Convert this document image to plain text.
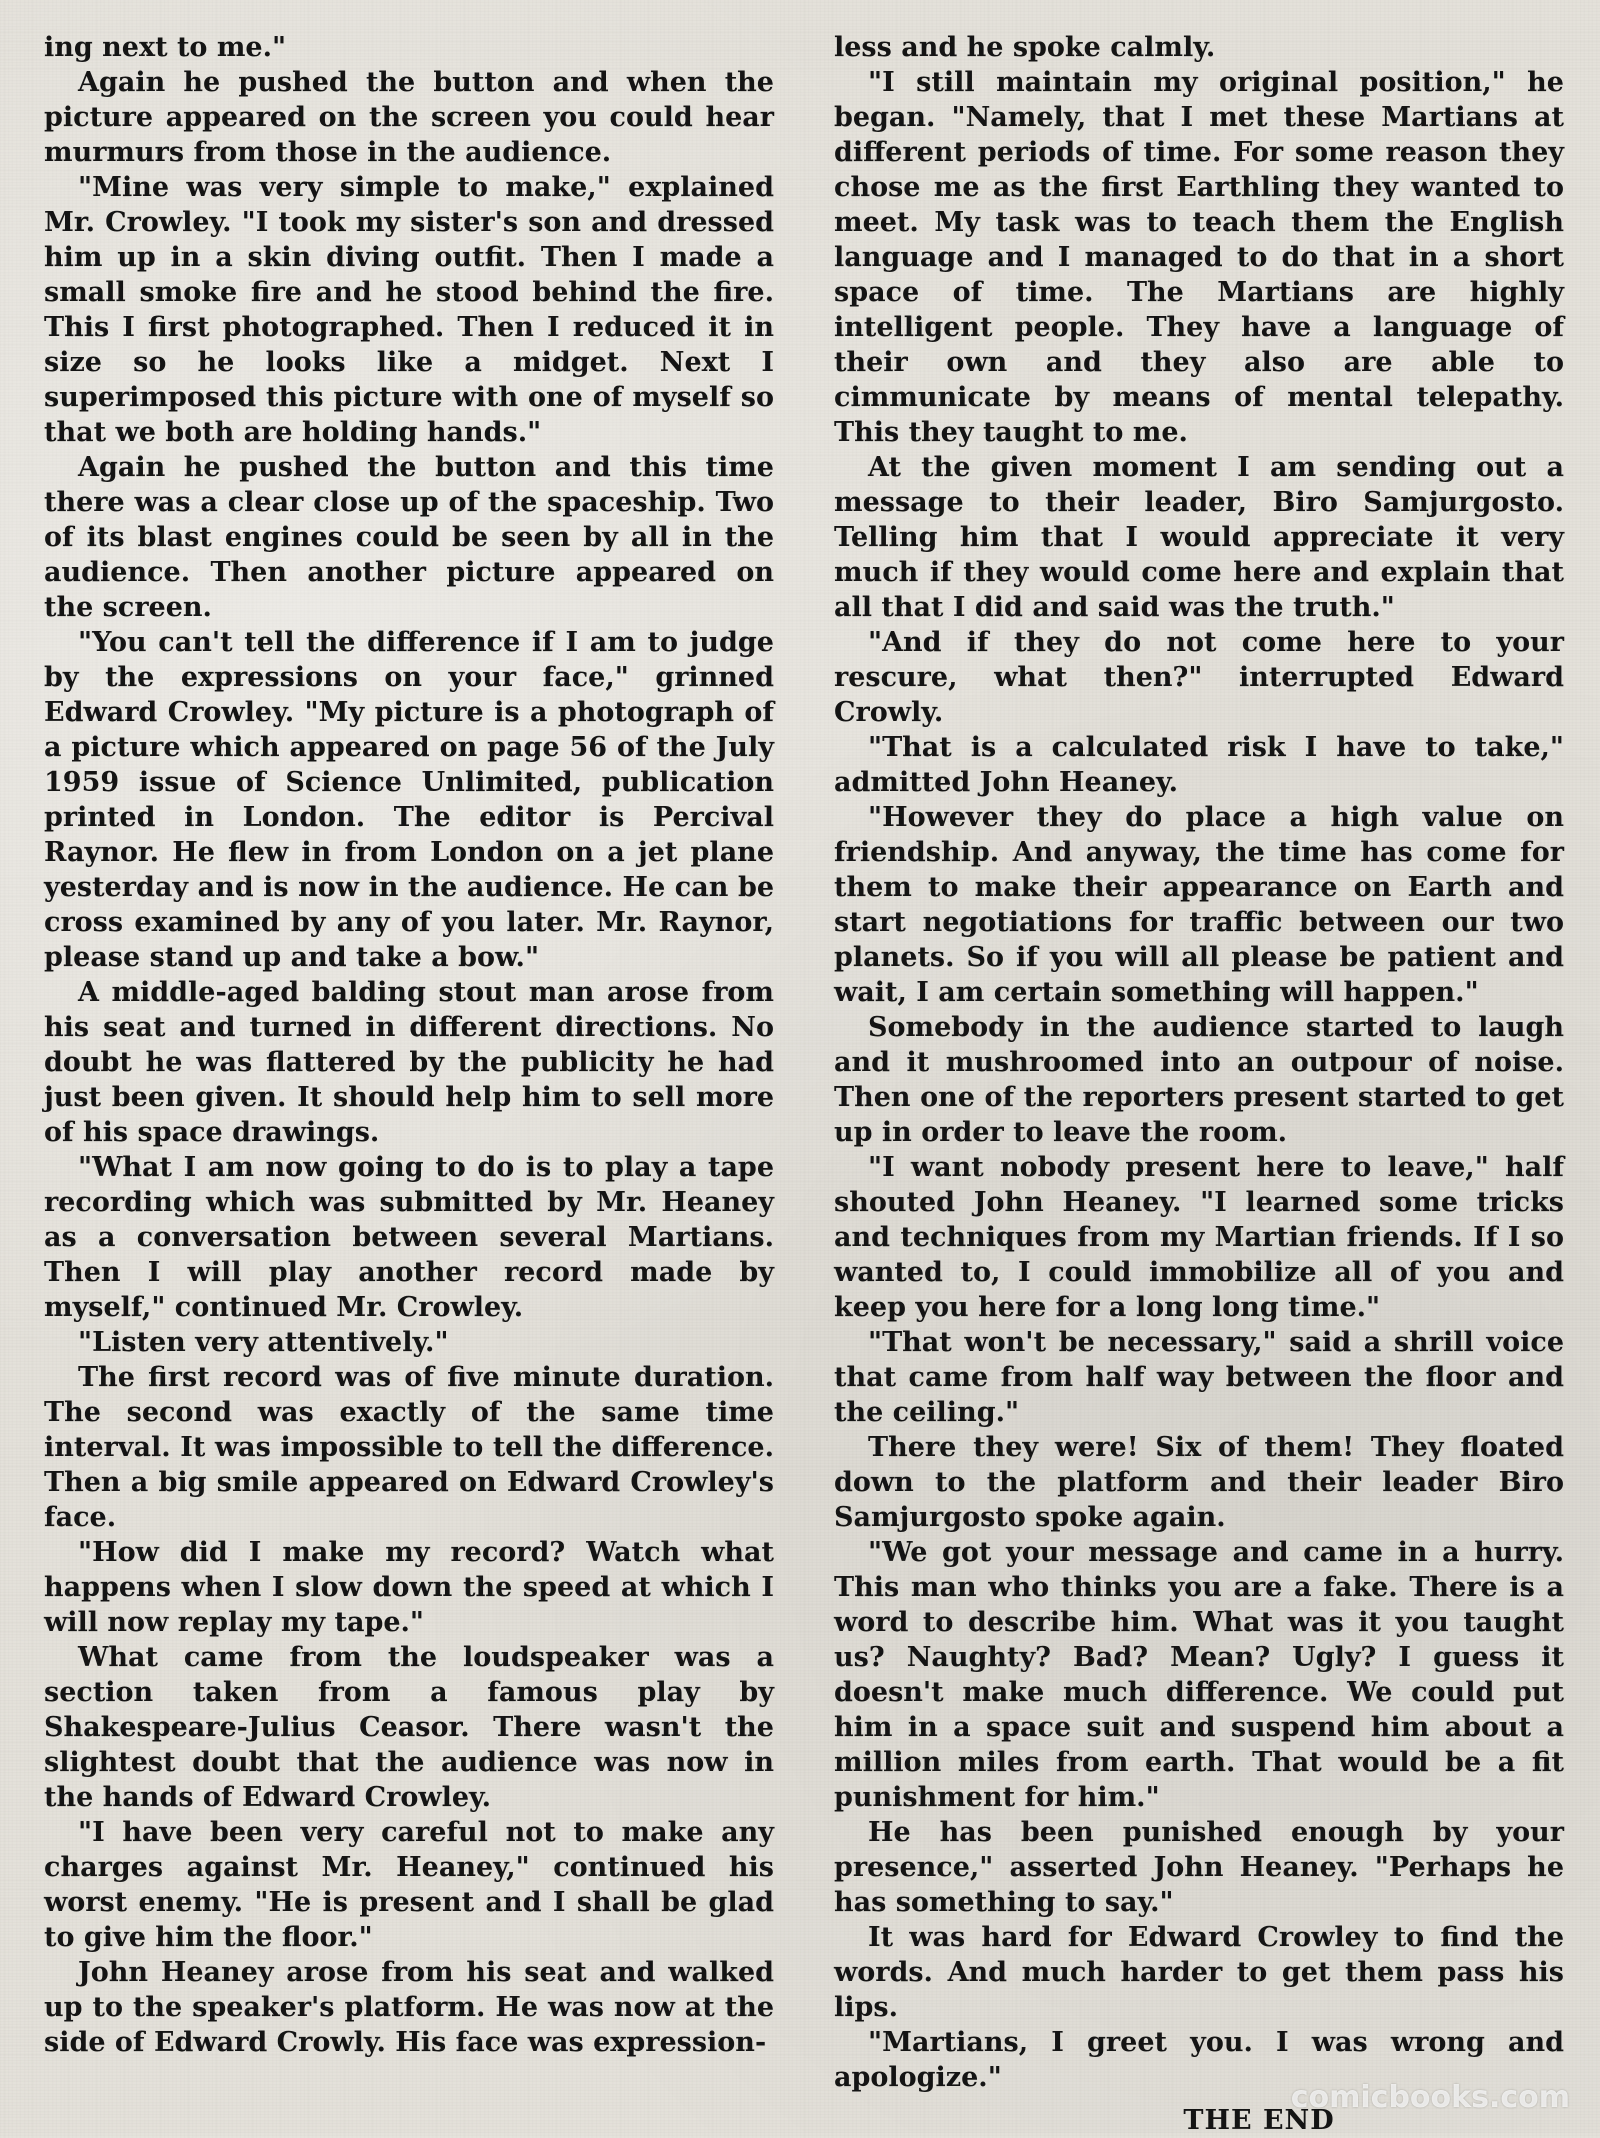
ing next to me."

Again he pushed the button and when the picture appeared on the screen you could hear murmurs from those in the audience.

"Mine was very simple to make," explained Mr. Crowley. "I took my sister's son and dressed him up in a skin diving outfit. Then I made a small smoke fire and he stood behind the fire. This I first photographed. Then I reduced it in size so he looks like a midget. Next I superimposed this picture with one of myself so that we both are holding hands."

Again he pushed the button and this time there was a clear close up of the spaceship. Two of its blast engines could be seen by all in the audience. Then another picture appeared on the screen.

"You can't tell the difference if I am to judge by the expressions on your face," grinned Edward Crowley. "My picture is a photograph of a picture which appeared on page 56 of the July 1959 issue of Science Unlimited, publication printed in London. The editor is Percival Raynor. He flew in from London on a jet plane yesterday and is now in the audience. He can be cross examined by any of you later. Mr. Raynor, please stand up and take a bow."

A middle-aged balding stout man arose from his seat and turned in different directions. No doubt he was flattered by the publicity he had just been given. It should help him to sell more of his space drawings.

"What I am now going to do is to play a tape recording which was submitted by Mr. Heaney as a conversation between several Martians. Then I will play another record made by myself," continued Mr. Crowley.

"Listen very attentively."

The first record was of five minute duration. The second was exactly of the same time interval. It was impossible to tell the difference. Then a big smile appeared on Edward Crowley's face.

"How did I make my record? Watch what happens when I slow down the speed at which I will now replay my tape."

What came from the loudspeaker was a section taken from a famous play by Shakespeare-Julius Ceasor. There wasn't the slightest doubt that the audience was now in the hands of Edward Crowley.

"I have been very careful not to make any charges against Mr. Heaney," continued his worst enemy. "He is present and I shall be glad to give him the floor."

John Heaney arose from his seat and walked up to the speaker's platform. He was now at the side of Edward Crowly. His face was expression-

less and he spoke calmly.

"I still maintain my original position," he began. "Namely, that I met these Martians at different periods of time. For some reason they chose me as the first Earthling they wanted to meet. My task was to teach them the English language and I managed to do that in a short space of time. The Martians are highly intelligent people. They have a language of their own and they also are able to cimmunicate by means of mental telepathy. This they taught to me.

At the given moment I am sending out a message to their leader, Biro Samjurgosto. Telling him that I would appreciate it very much if they would come here and explain that all that I did and said was the truth."

"And if they do not come here to your rescure, what then?" interrupted Edward Crowly.

"That is a calculated risk I have to take," admitted John Heaney.

"However they do place a high value on friendship. And anyway, the time has come for them to make their appearance on Earth and start negotiations for traffic between our two planets. So if you will all please be patient and wait, I am certain something will happen."

Somebody in the audience started to laugh and it mushroomed into an outpour of noise. Then one of the reporters present started to get up in order to leave the room.

"I want nobody present here to leave," half shouted John Heaney. "I learned some tricks and techniques from my Martian friends. If I so wanted to, I could immobilize all of you and keep you here for a long long time."

"That won't be necessary," said a shrill voice that came from half way between the floor and the ceiling."

There they were! Six of them! They floated down to the platform and their leader Biro Samjurgosto spoke again.

"We got your message and came in a hurry. This man who thinks you are a fake. There is a word to describe him. What was it you taught us? Naughty? Bad? Mean? Ugly? I guess it doesn't make much difference. We could put him in a space suit and suspend him about a million miles from earth. That would be a fit punishment for him."

He has been punished enough by your presence," asserted John Heaney. "Perhaps he has something to say."

It was hard for Edward Crowley to find the words. And much harder to get them pass his lips.

"Martians, I greet you. I was wrong and apologize."

THE END

comicbooks.com
